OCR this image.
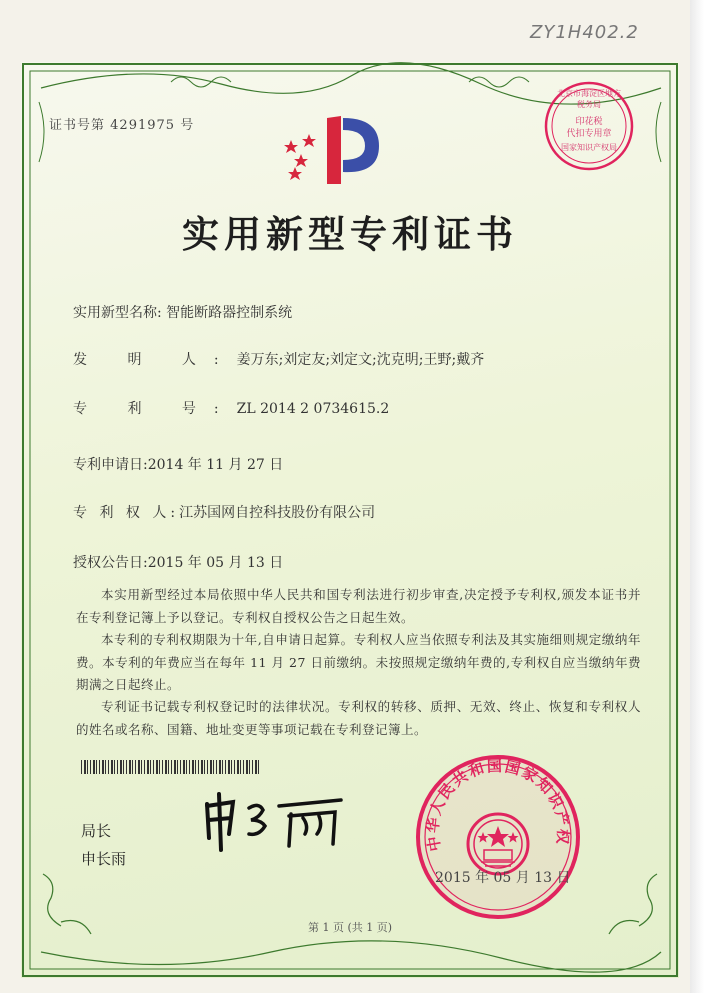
ZY1H402.2
证书号第 4291975 号
北京市海淀区地方税务局
印花税
代扣专用章
国家知识产权局
实用新型专利证书
实用新型名称: 智能断路器控制系统
发 明 人:姜万东;刘定友;刘定文;沈克明;王野;戴齐
专 利 号:ZL 2014 2 0734615.2
专利申请日:2014 年 11 月 27 日
专 利 权 人:江苏国网自控科技股份有限公司
授权公告日:2015 年 05 月 13 日
本实用新型经过本局依照中华人民共和国专利法进行初步审查,决定授予专利权,颁发本证书并在专利登记簿上予以登记。专利权自授权公告之日起生效。
本专利的专利权期限为十年,自申请日起算。专利权人应当依照专利法及其实施细则规定缴纳年费。本专利的年费应当在每年 11 月 27 日前缴纳。未按照规定缴纳年费的,专利权自应当缴纳年费期满之日起终止。
专利证书记载专利权登记时的法律状况。专利权的转移、质押、无效、终止、恢复和专利权人的姓名或名称、国籍、地址变更等事项记载在专利登记簿上。
局长
申长雨
中华人民共和国国家知识产权
2015 年 05 月 13 日
第 1 页 (共 1 页)
